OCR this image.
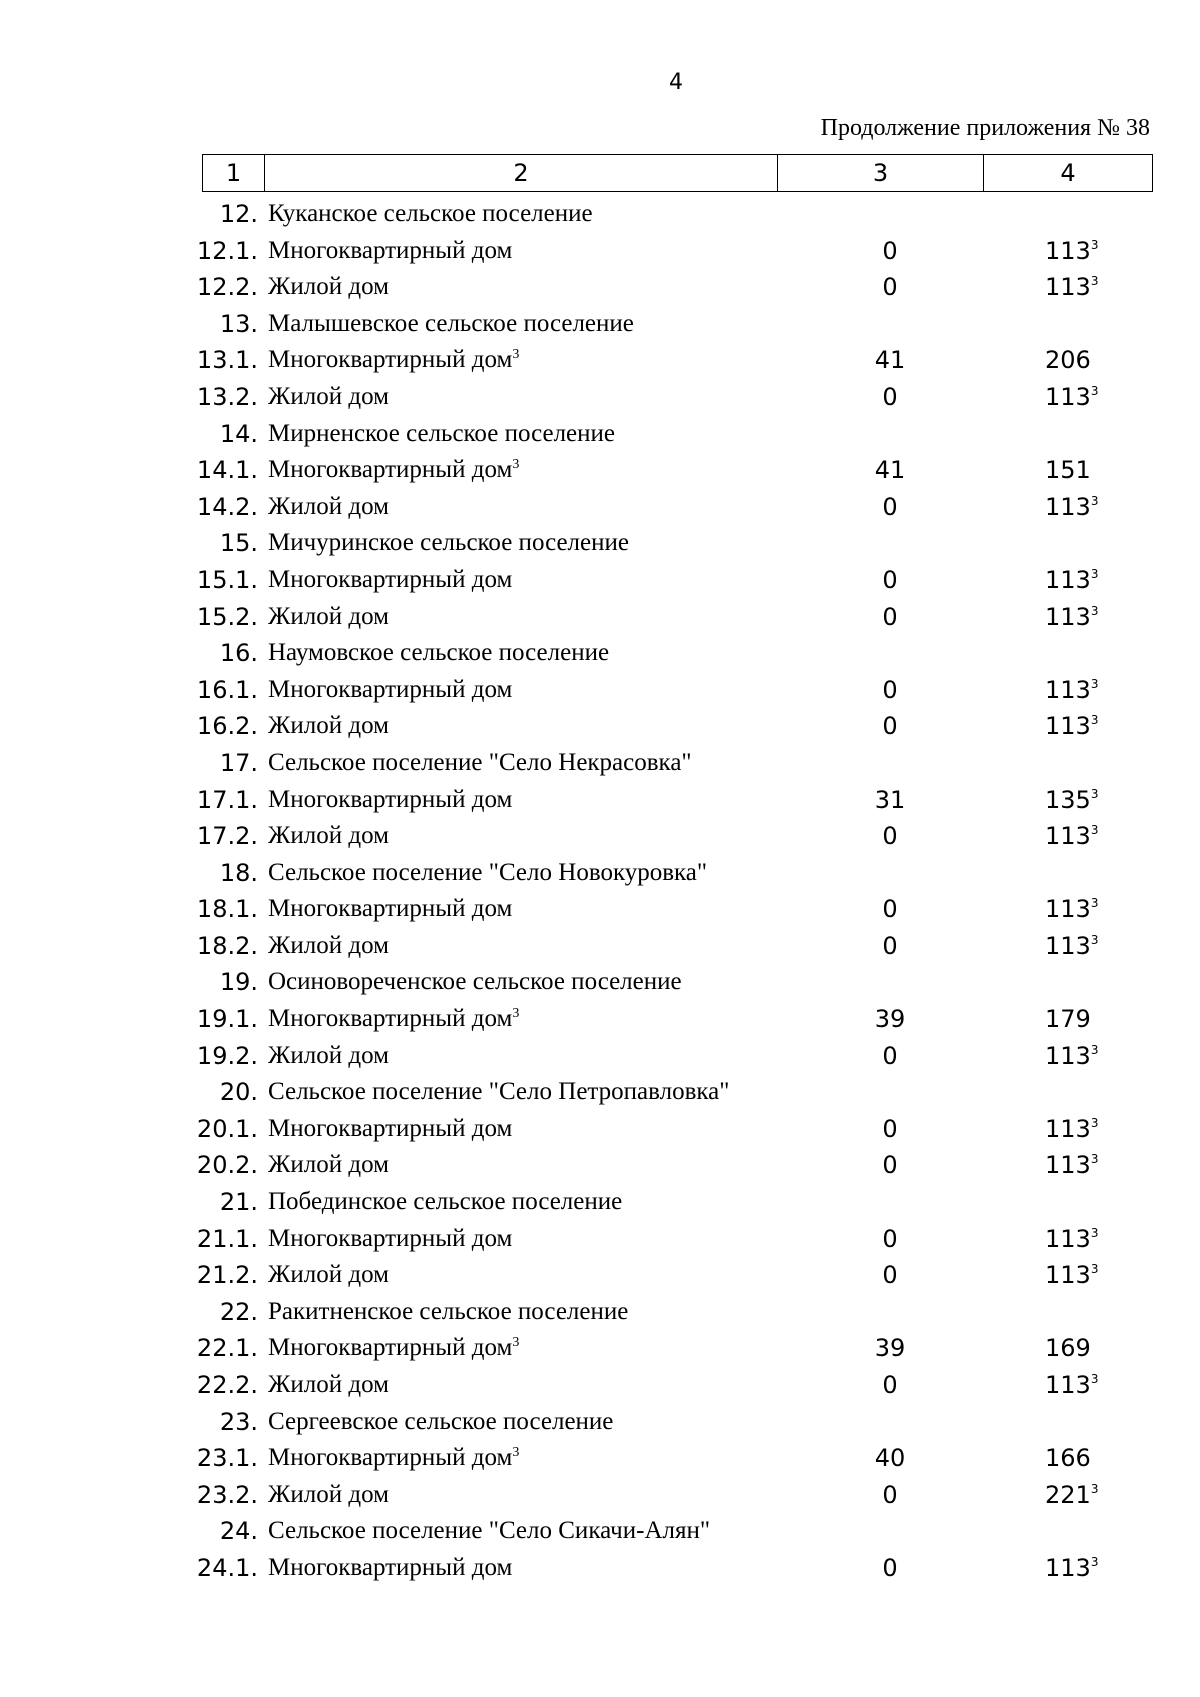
4
Продолжение приложения № 38
1	2	3	4
12. Куканское сельское поселение
12.1. Многоквартирный дом	0	$113^3$
12.2. Жилой дом	0	$113^3$
13. Малышевское сельское поселение
13.1. Многоквартирный дом$^3$	41	206
13.2. Жилой дом	0	$113^3$
14. Мирненское сельское поселение
14.1. Многоквартирный дом$^3$	41	151
14.2. Жилой дом	0	$113^3$
15. Мичуринское сельское поселение
15.1. Многоквартирный дом	0	$113^3$
15.2. Жилой дом	0	$113^3$
16. Наумовское сельское поселение
16.1. Многоквартирный дом	0	$113^3$
16.2. Жилой дом	0	$113^3$
17. Сельское поселение "Село Некрасовка"
17.1. Многоквартирный дом	31	$135^3$
17.2. Жилой дом	0	$113^3$
18. Сельское поселение "Село Новокуровка"
18.1. Многоквартирный дом	0	$113^3$
18.2. Жилой дом	0	$113^3$
19. Осиновореченское сельское поселение
19.1. Многоквартирный дом$^3$	39	179
19.2. Жилой дом	0	$113^3$
20. Сельское поселение "Село Петропавловка"
20.1. Многоквартирный дом	0	$113^3$
20.2. Жилой дом	0	$113^3$
21. Побединское сельское поселение
21.1. Многоквартирный дом	0	$113^3$
21.2. Жилой дом	0	$113^3$
22. Ракитненское сельское поселение
22.1. Многоквартирный дом$^3$	39	169
22.2. Жилой дом	0	$113^3$
23. Сергеевское сельское поселение
23.1. Многоквартирный дом$^3$	40	166
23.2. Жилой дом	0	$221^3$
24. Сельское поселение "Село Сикачи-Алян"
24.1. Многоквартирный дом	0	$113^3$
